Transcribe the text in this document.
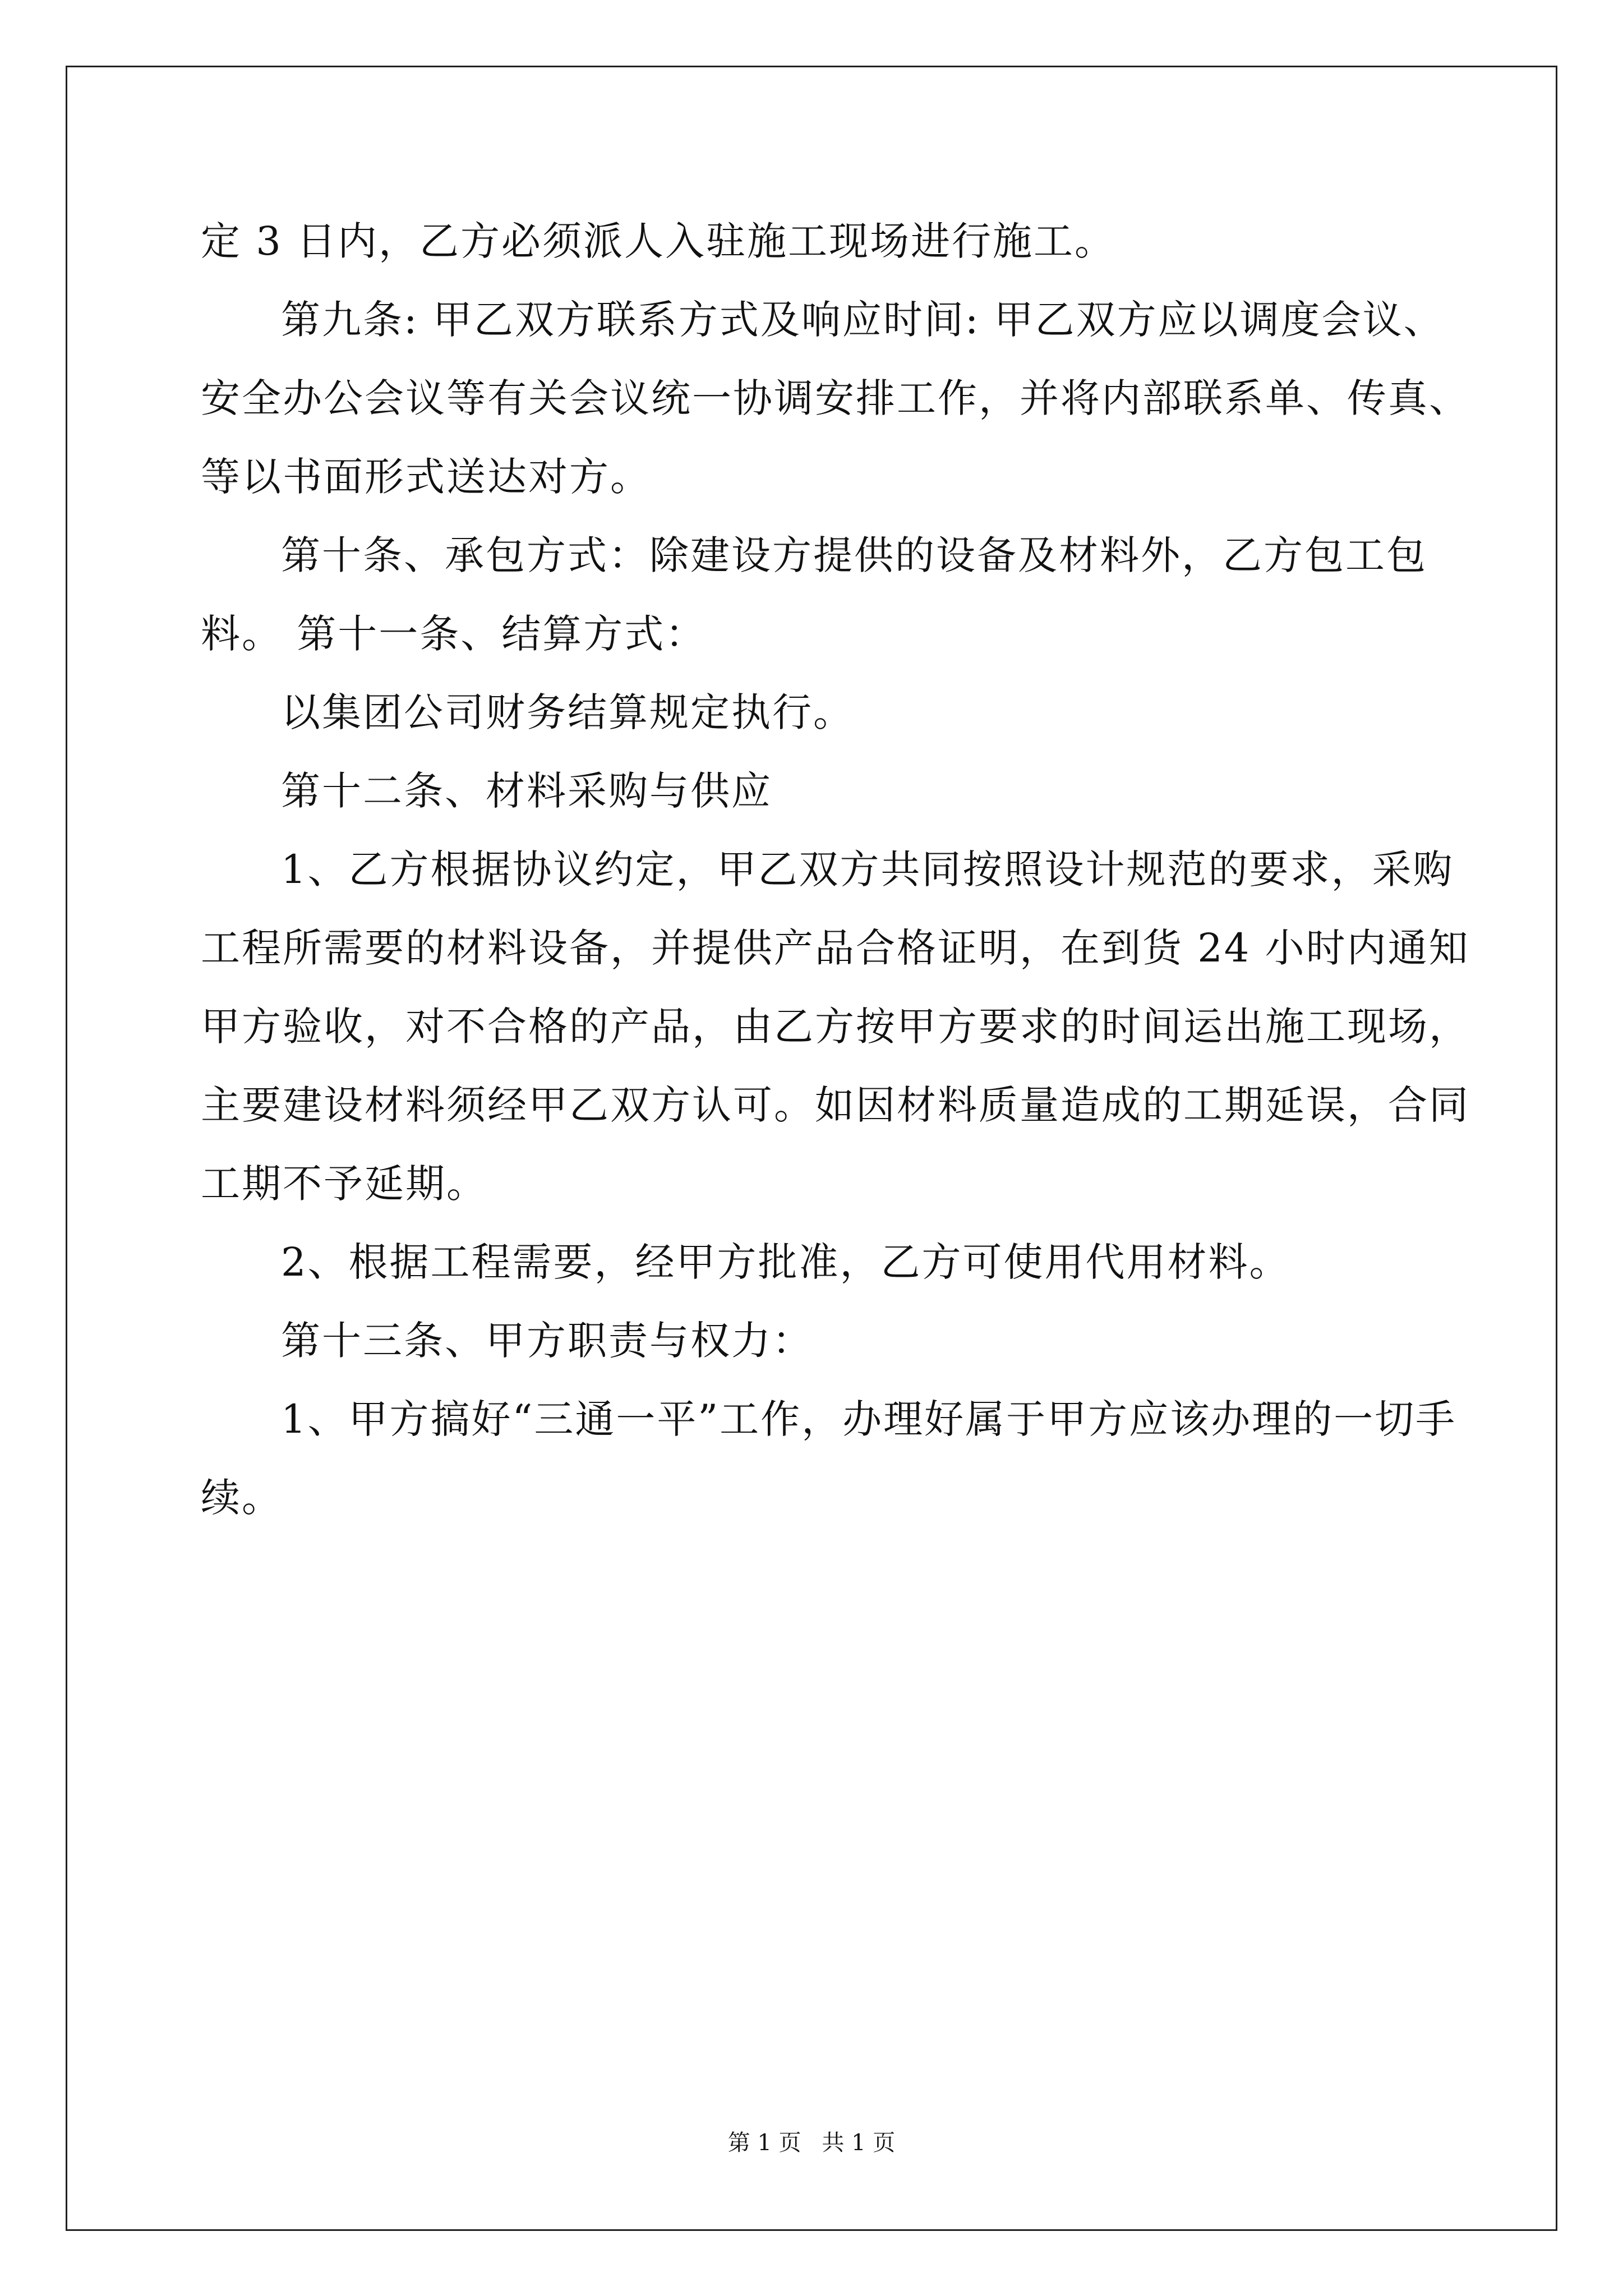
定 3 日内，乙方必须派人入驻施工现场进行施工。

第九条: 甲乙双方联系方式及响应时间: 甲乙双方应以调度会议、安全办公会议等有关会议统一协调安排工作，并将内部联系单、传真、等以书面形式送达对方。

第十条、承包方式：除建设方提供的设备及材料外，乙方包工包料。 第十一条、结算方式：

以集团公司财务结算规定执行。

第十二条、材料采购与供应

1、乙方根据协议约定，甲乙双方共同按照设计规范的要求，采购工程所需要的材料设备，并提供产品合格证明，在到货 24 小时内通知甲方验收，对不合格的产品，由乙方按甲方要求的时间运出施工现场，主要建设材料须经甲乙双方认可。如因材料质量造成的工期延误，合同工期不予延期。

2、根据工程需要，经甲方批准，乙方可使用代用材料。

第十三条、甲方职责与权力：

1、甲方搞好“三通一平”工作，办理好属于甲方应该办理的一切手续。

第 1 页 共 1 页
